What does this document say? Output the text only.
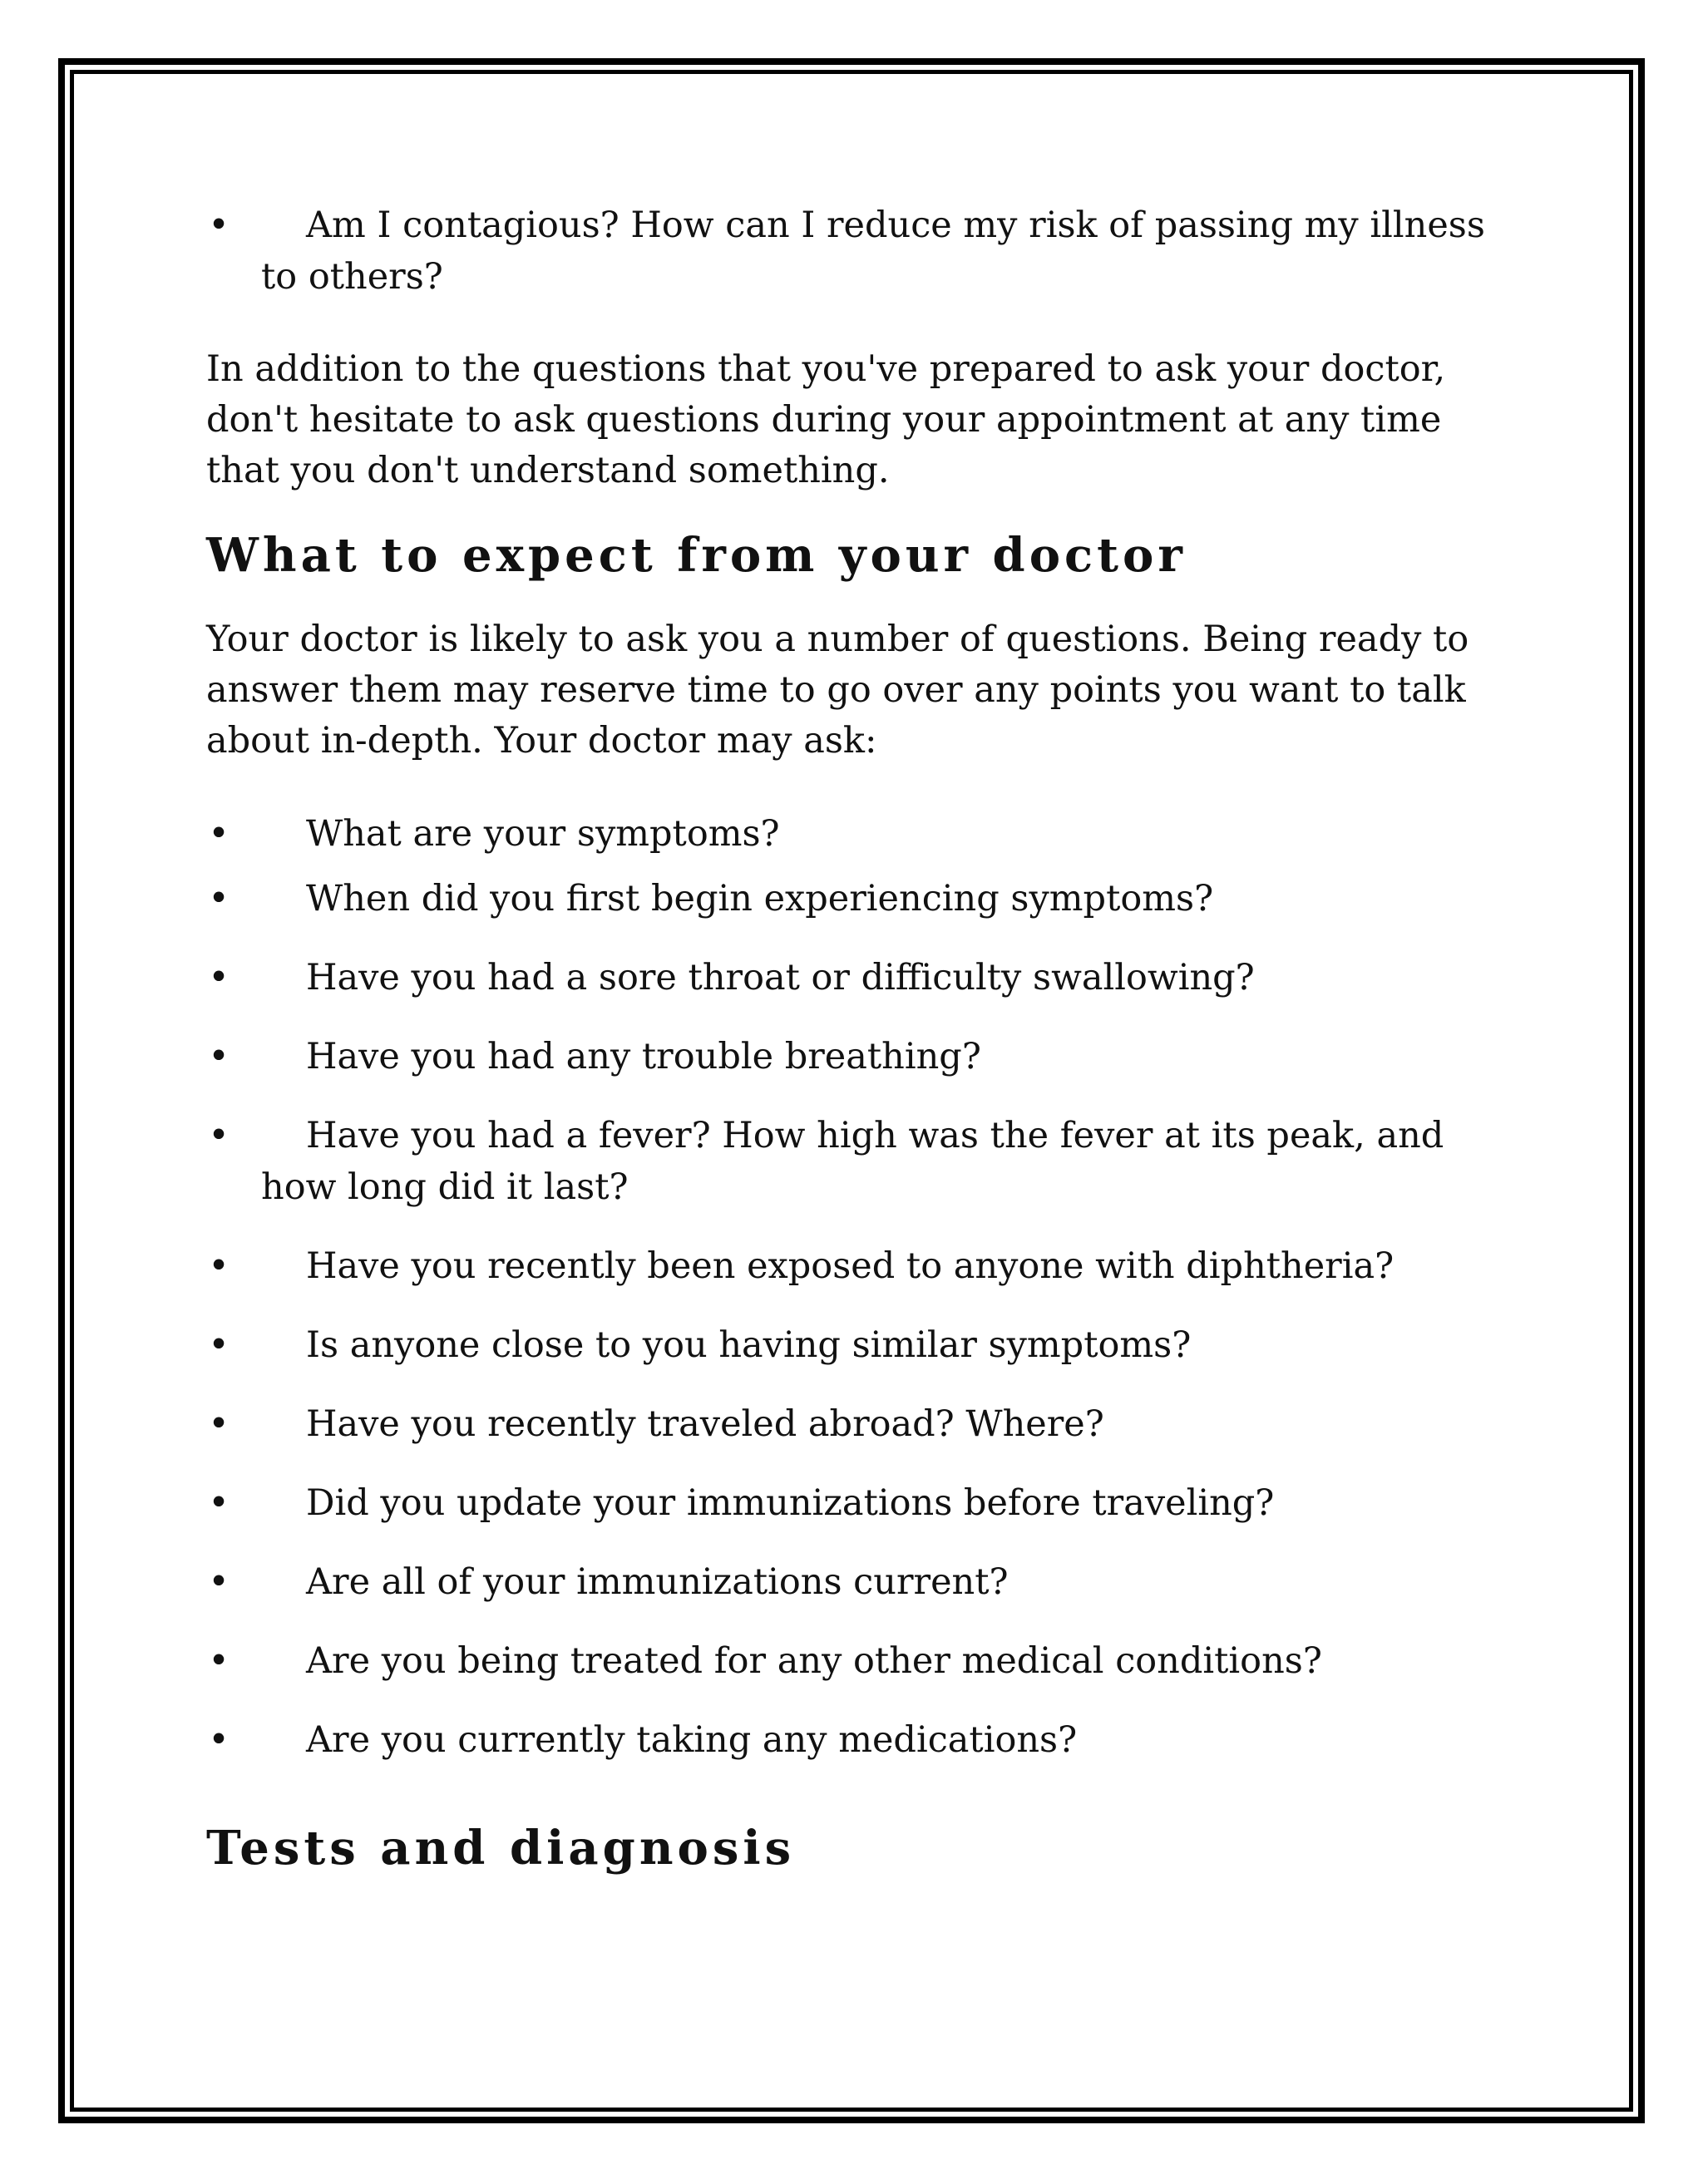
•	Am I contagious? How can I reduce my risk of passing my illness to others?

In addition to the questions that you've prepared to ask your doctor, don't hesitate to ask questions during your appointment at any time that you don't understand something.

What to expect from your doctor

Your doctor is likely to ask you a number of questions. Being ready to answer them may reserve time to go over any points you want to talk about in-depth. Your doctor may ask:

•	What are your symptoms?
•	When did you first begin experiencing symptoms?
•	Have you had a sore throat or difficulty swallowing?
•	Have you had any trouble breathing?
•	Have you had a fever? How high was the fever at its peak, and how long did it last?
•	Have you recently been exposed to anyone with diphtheria?
•	Is anyone close to you having similar symptoms?
•	Have you recently traveled abroad? Where?
•	Did you update your immunizations before traveling?
•	Are all of your immunizations current?
•	Are you being treated for any other medical conditions?
•	Are you currently taking any medications?
Tests and diagnosis
